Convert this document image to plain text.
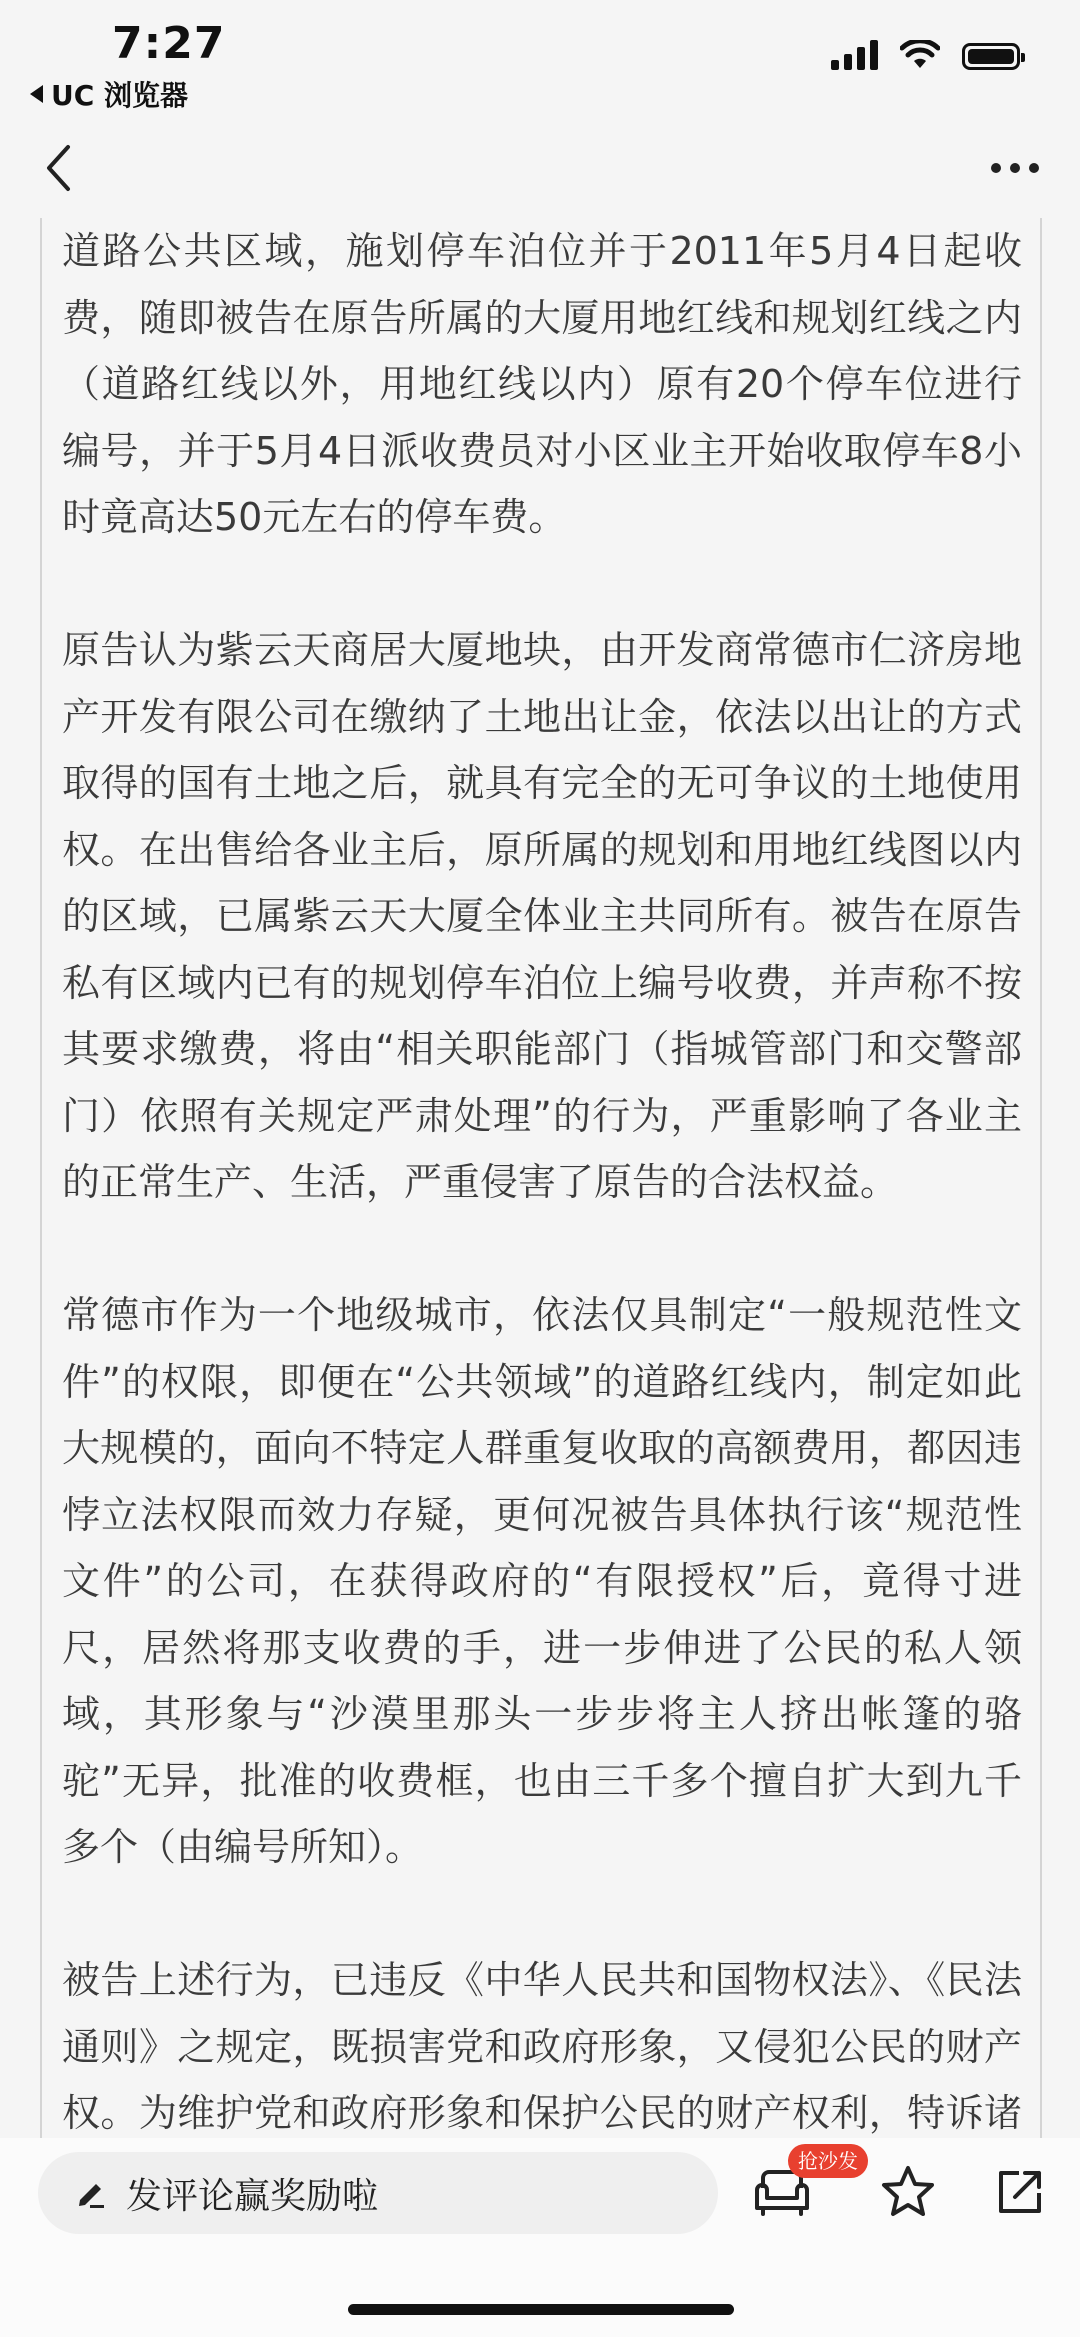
7:27
UC 浏览器

道路公共区域，施划停车泊位并于2011年5月4日起收费，随即被告在原告所属的大厦用地红线和规划红线之内（道路红线以外，用地红线以内）原有20个停车位进行编号，并于5月4日派收费员对小区业主开始收取停车8小时竟高达50元左右的停车费。

原告认为紫云天商居大厦地块，由开发商常德市仁济房地产开发有限公司在缴纳了土地出让金，依法以出让的方式取得的国有土地之后，就具有完全的无可争议的土地使用权。在出售给各业主后，原所属的规划和用地红线图以内的区域，已属紫云天大厦全体业主共同所有。被告在原告私有区域内已有的规划停车泊位上编号收费，并声称不按其要求缴费，将由“相关职能部门（指城管部门和交警部门）依照有关规定严肃处理”的行为，严重影响了各业主的正常生产、生活，严重侵害了原告的合法权益。

常德市作为一个地级城市，依法仅具制定“一般规范性文件”的权限，即便在“公共领域”的道路红线内，制定如此大规模的，面向不特定人群重复收取的高额费用，都因违悖立法权限而效力存疑，更何况被告具体执行该“规范性文件”的公司，在获得政府的“有限授权”后，竟得寸进尺，居然将那支收费的手，进一步伸进了公民的私人领域，其形象与“沙漠里那头一步步将主人挤出帐篷的骆驼”无异，批准的收费框，也由三千多个擅自扩大到九千多个（由编号所知）。

被告上述行为，已违反《中华人民共和国物权法》、《民法通则》之规定，既损害党和政府形象，又侵犯公民的财产权。为维护党和政府形象和保护公民的财产权利，特诉诸

发评论赢奖励啦
抢沙发
